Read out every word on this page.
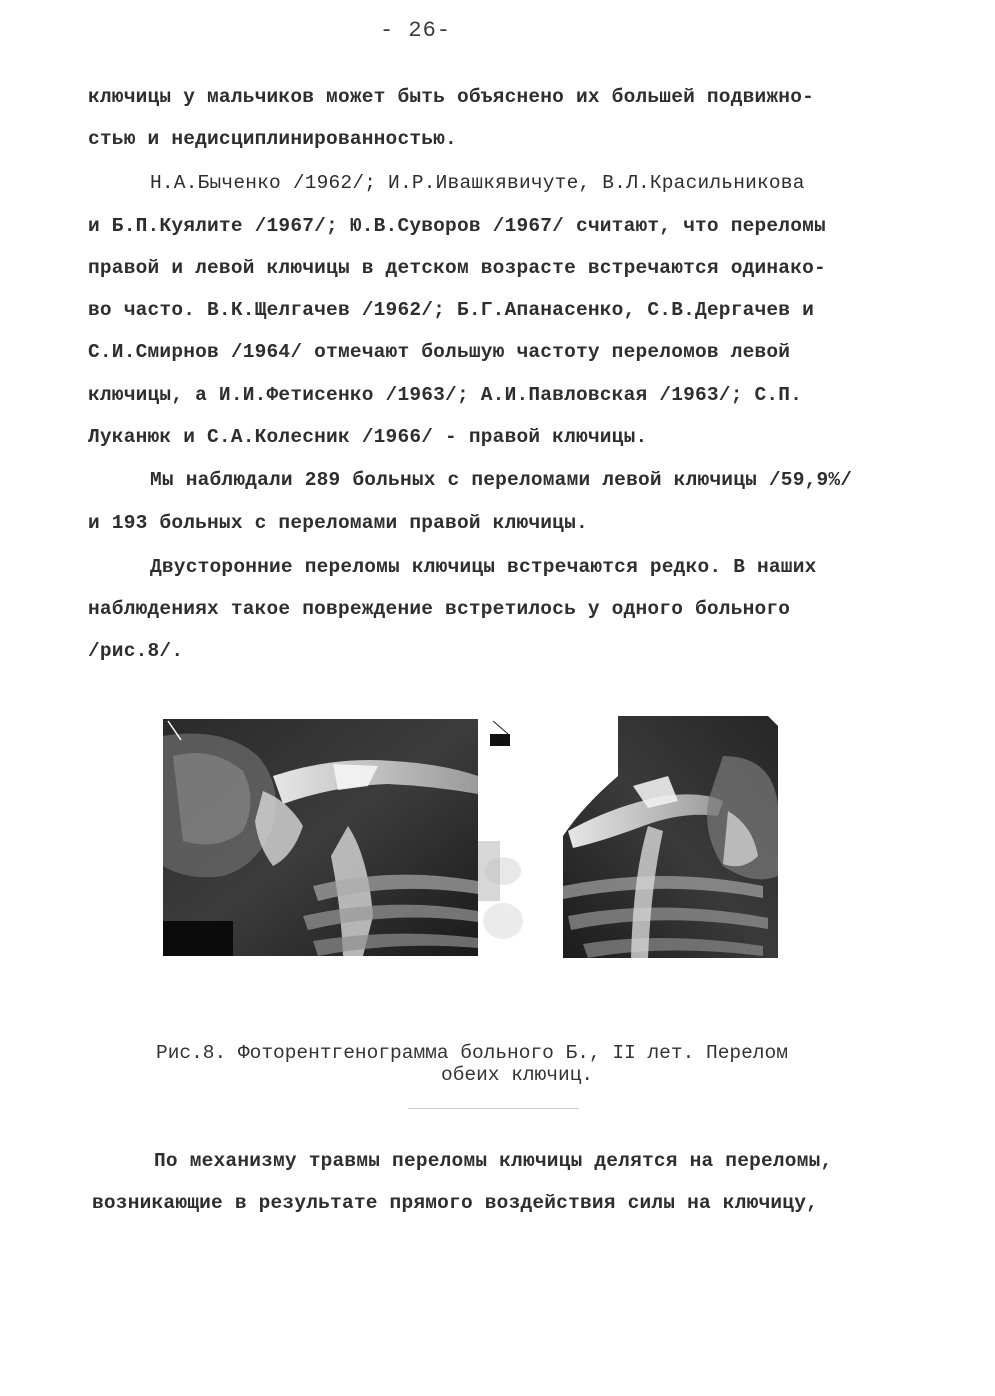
- 26-
ключицы у мальчиков может быть объяснено их большей подвижно-
стью и недисциплинированностью.
Н.А.Быченко /1962/; И.Р.Ивашкявичуте, В.Л.Красильникова
и Б.П.Куялите /1967/; Ю.В.Суворов /1967/ считают, что переломы
правой и левой ключицы в детском возрасте встречаются одинако-
во часто. В.К.Щелгачев /1962/; Б.Г.Апанасенко, С.В.Дергачев и
С.И.Смирнов /1964/ отмечают большую частоту переломов левой
ключицы, а И.И.Фетисенко /1963/; А.И.Павловская /1963/; С.П.
Луканюк и С.А.Колесник /1966/ - правой ключицы.
Мы наблюдали 289 больных с переломами левой ключицы /59,9%/
и 193 больных с переломами правой ключицы.
Двусторонние переломы ключицы встречаются редко. В наших
наблюдениях такое повреждение встретилось у одного больного
/рис.8/.
Рис.8. Фоторентгенограмма больного Б., II лет. Перелом
обеих ключиц.
По механизму травмы переломы ключицы делятся на переломы,
возникающие в результате прямого воздействия силы на ключицу,
